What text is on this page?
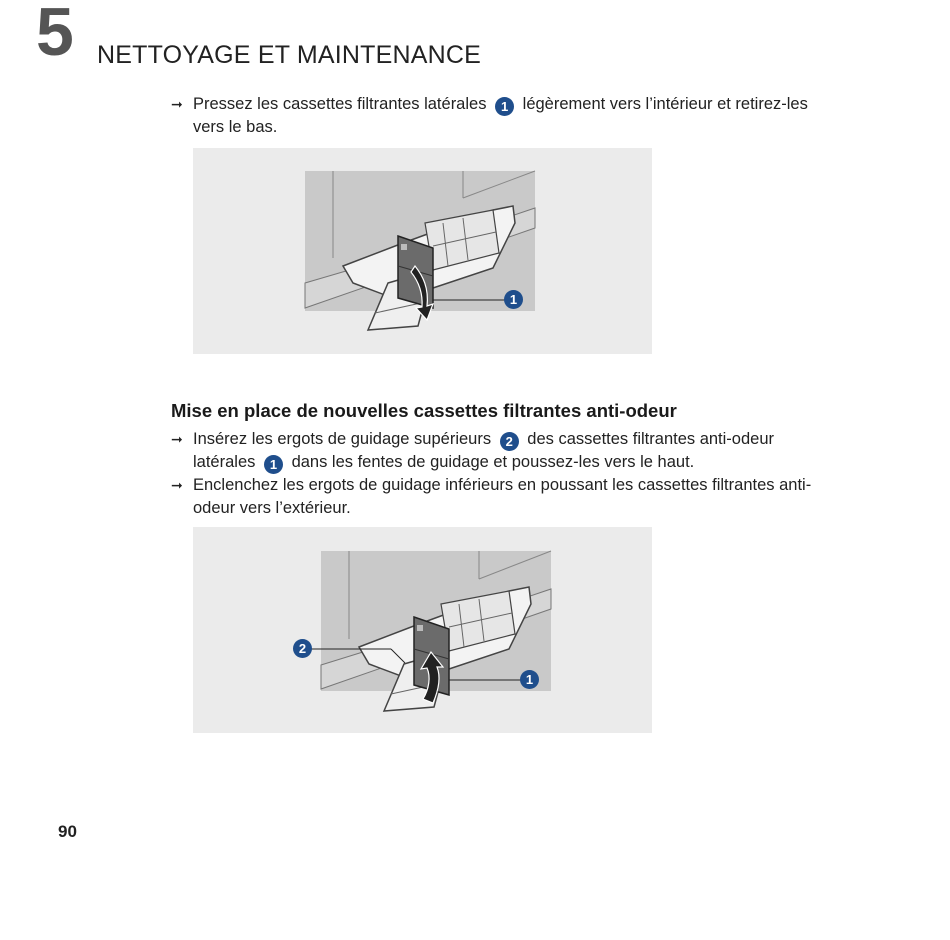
5 NETTOYAGE ET MAINTENANCE
➞ Pressez les cassettes filtrantes latérales 1 légèrement vers l’intérieur et retirez-les vers le bas.
1
Mise en place de nouvelles cassettes filtrantes anti-odeur
➞ Insérez les ergots de guidage supérieurs 2 des cassettes filtrantes anti-odeur latérales 1 dans les fentes de guidage et poussez-les vers le haut.
➞ Enclenchez les ergots de guidage inférieurs en poussant les cassettes filtrantes anti-odeur vers l’extérieur.
1
2
90
